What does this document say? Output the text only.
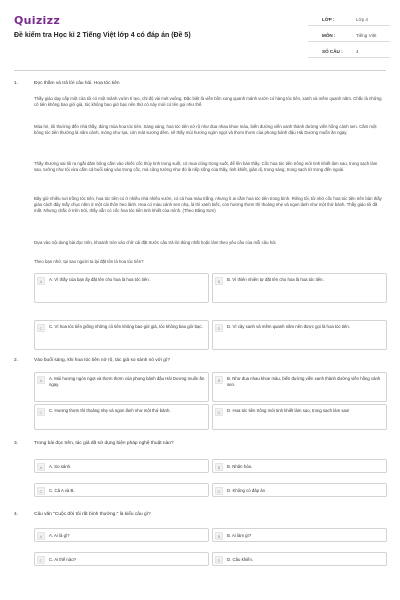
Quizizz
Đề kiểm tra Học kì 2 Tiếng Việt lớp 4 có đáp án (Đề 5)
LỚP :	Lớp 4
MÔN :	Tiếng Việt
SỐ CÂU :	4
1.	Đọc thầm và trả lời câu hỏi. Hoa tóc tiên
Thầy giáo dạy cấp một của tôi có một mảnh vườn tí tẹo, chỉ độ vài mét vuông. Đặc biệt là viền bồn xung quanh mảnh vườn có hàng tóc tiên, xanh và mềm quanh năm. Chắc là những cô tiên không bao giờ già, tóc không bao giờ bạc nên thứ cỏ này mới có tên gọi như thế.
Mùa hè, tôi thường đến nhà thầy, đúng mùa hoa tóc tiên. Sáng sáng, hoa tóc tiên nở rộ như đua nhau khoe màu, biến đường viền xanh thành đường viền hồng cánh sen. Cầm một bông tóc tiên thường là nâm cánh, mỏng như lụa, còn mát sương đêm, sẽ thấy mùi hương ngòn ngọt và thơm thơm của phong bánh đậu Hải Dương muốn ăn ngay.
Thầy thương sai tôi ra ngắt dăm bông cắm vào chiếc cốc thủy tinh trong suốt, cỏ mua cũng trong suốt, để lên bàn thầy. Cốc hoa tóc tiên trông mới tinh khiết làm sao, trong sạch làm sao, tưởng như tôi vừa cắm cả buổi sáng vào trong cốc, mà cũng tưởng như đó là nếp sống của thầy, tinh khiết, giản dị, trong sáng, trong sạch từ trong đến ngoài.
Bây giờ nhiều nơi trồng tóc tiên, hoa tóc tiên có ở nhiều nhà nhiều vườn, có cả hoa màu trắng, nhưng ít ai cắm hoa tóc tiên trong bình. Riêng tôi, tôi nhớ cốc hoa tóc tiên trên bàn thầy giáo cách đây mấy chục năm ở một cái thôn heo lánh. Hoa có màu cánh sen nhạ, lá thì xanh biếc, còn hương thơm thì thoảng nhẹ và ngon lành như một thứ bánh. Thầy giáo tôi đã mất. Nhưng chắc ở trên trời, thầy vẫn có cốc hoa tóc tiên tinh khiết của mình. (Theo Băng Sơn)
Dựa vào nội dung bài đọc trên, khoanh tròn vào chữ cái đặt trước câu trả lời đúng nhất hoặc làm theo yêu cầu của mỗi câu hỏi.
Theo bạn nhớ, tại sao người ta lại đặt tên là hoa tóc tiên?
A	A. Vì thầy của bạn ấy đặt tên cho hoa là hoa tóc tiên.	B	B. Vì thiên nhiên tự đặt tên cho hoa là hoa tóc tiên.
C	C. Vì hoa tóc tiên giống những cô tiên không bao giờ già, tóc không bao giờ bạc.	D	D. Vì cây xanh và mềm quanh năm nên được gọi là hoa tóc tiên.
2.	Vào buổi sáng, khi hoa tóc tiên nở rộ, tác giả so sánh nó với gì?
A	A. Mùi hương ngòn ngọt và thơm thơm của phong bánh đậu Hải Dương muốn ăn ngay.
B	B. Như đua nhau khoe màu, biến đường viền xanh thành đường viền hồng cánh sen.
C	C. Hương thơm thì thoảng nhẹ và ngon lành như một thứ bánh.	D	D. Hoa tóc tiên trông mới tinh khiết làm sao, trong sạch làm sao!
3.	Trong bài đọc trên, tác giả đã sử dụng biện pháp nghệ thuật nào?
A	A. So sánh.	B	B. Nhân hóa.
C	C. Cả A và B.	D	D. Không có đáp án
4.	Câu văn "Cuộc đời tôi rất bình thường." là kiểu câu gì?
A	A. Ai là gì?	B	B. Ai làm gì?
C	C. Ai thế nào?	D	D. Câu khiến.
